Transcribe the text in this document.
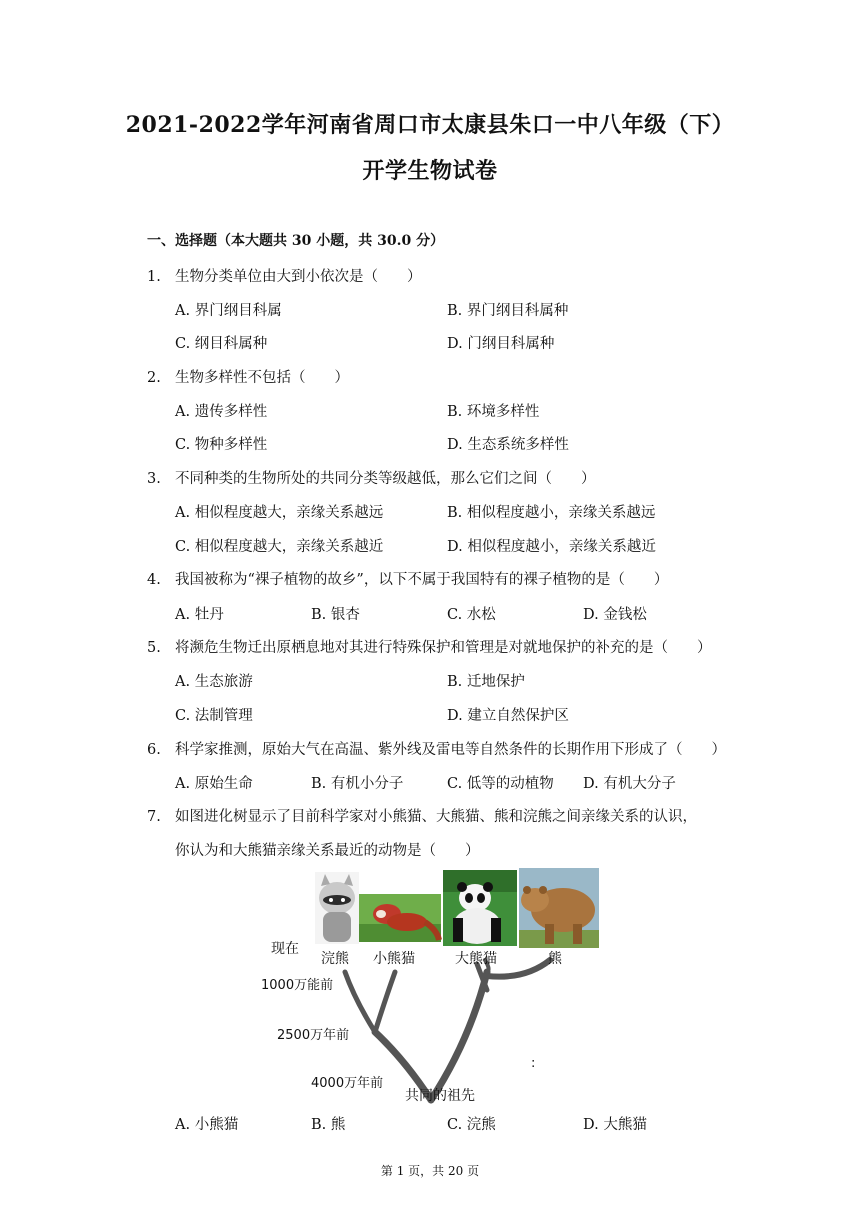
2021-2022学年河南省周口市太康县朱口一中八年级（下）
开学生物试卷
一、选择题（本大题共 30 小题，共 30.0 分）
1. 生物分类单位由大到小依次是（　　）
A. 界门纲目科属	B. 界门纲目科属种
C. 纲目科属种	D. 门纲目科属种
2. 生物多样性不包括（　　）
A. 遗传多样性	B. 环境多样性
C. 物种多样性	D. 生态系统多样性
3. 不同种类的生物所处的共同分类等级越低，那么它们之间（　　）
A. 相似程度越大，亲缘关系越远	B. 相似程度越小，亲缘关系越远
C. 相似程度越大，亲缘关系越近	D. 相似程度越小，亲缘关系越近
4. 我国被称为“裸子植物的故乡”，以下不属于我国特有的裸子植物的是（　　）
A. 牡丹	B. 银杏	C. 水松	D. 金钱松
5. 将濒危生物迁出原栖息地对其进行特殊保护和管理是对就地保护的补充的是（　　）
A. 生态旅游	B. 迁地保护
C. 法制管理	D. 建立自然保护区
6. 科学家推测，原始大气在高温、紫外线及雷电等自然条件的长期作用下形成了（　　）
A. 原始生命	B. 有机小分子	C. 低等的动植物 D. 有机大分子
7. 如图进化树显示了目前科学家对小熊猫、大熊猫、熊和浣熊之间亲缘关系的认识，
你认为和大熊猫亲缘关系最近的动物是（　　）
现在
浣熊 小熊猫	大熊猫	熊
1000万能前
2500万年前
4000万年前
共同的祖先
:
A. 小熊猫	B. 熊	C. 浣熊	D. 大熊猫
第 1 页，共 20 页
